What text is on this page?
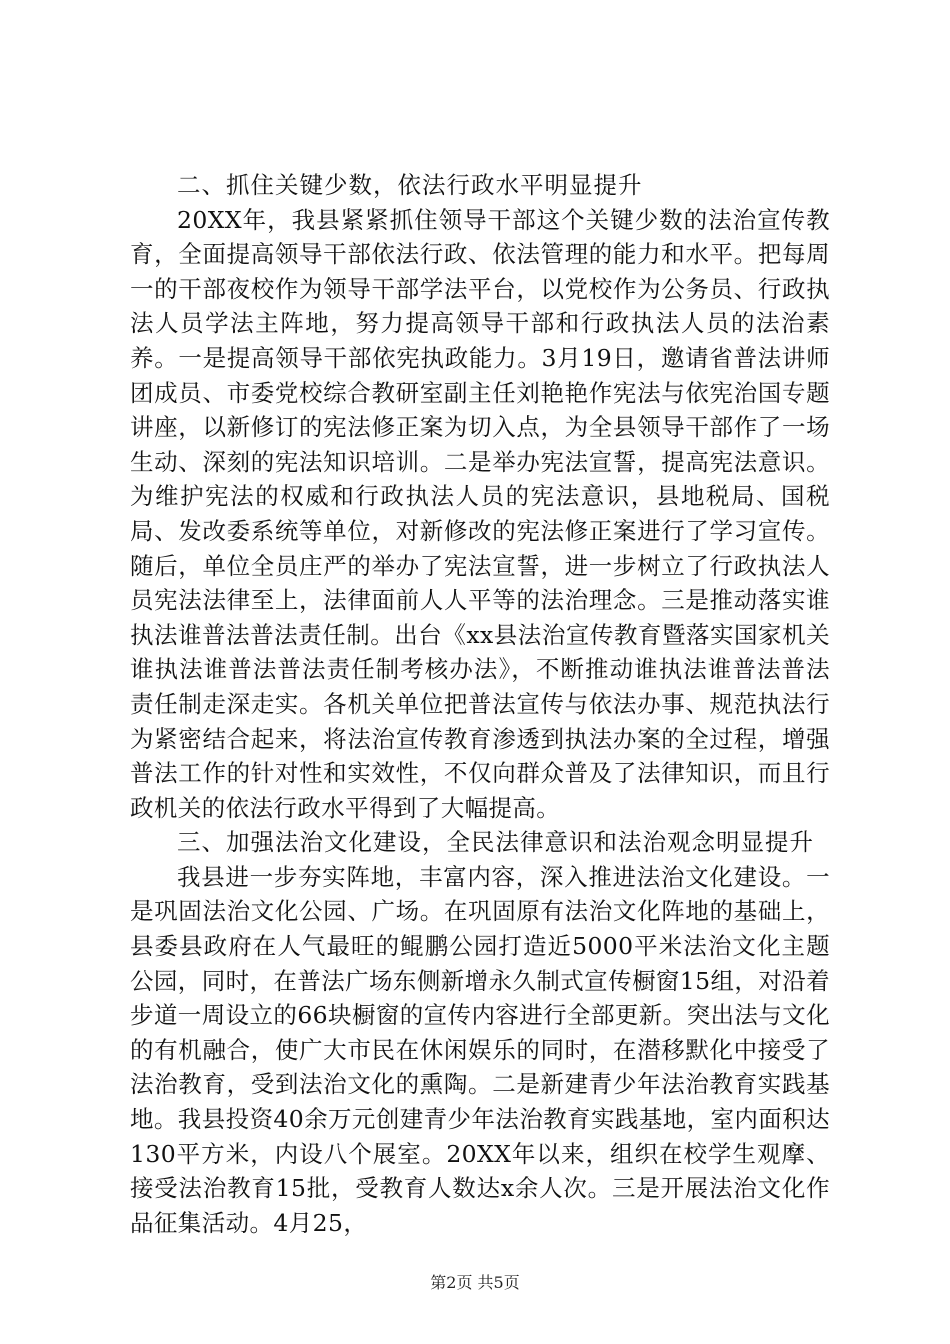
二、抓住关键少数，依法行政水平明显提升

20XX年，我县紧紧抓住领导干部这个关键少数的法治宣传教育，全面提高领导干部依法行政、依法管理的能力和水平。把每周一的干部夜校作为领导干部学法平台，以党校作为公务员、行政执法人员学法主阵地，努力提高领导干部和行政执法人员的法治素养。一是提高领导干部依宪执政能力。3月19日，邀请省普法讲师团成员、市委党校综合教研室副主任刘艳艳作宪法与依宪治国专题讲座，以新修订的宪法修正案为切入点，为全县领导干部作了一场生动、深刻的宪法知识培训。二是举办宪法宣誓，提高宪法意识。为维护宪法的权威和行政执法人员的宪法意识，县地税局、国税局、发改委系统等单位，对新修改的宪法修正案进行了学习宣传。随后，单位全员庄严的举办了宪法宣誓，进一步树立了行政执法人员宪法法律至上，法律面前人人平等的法治理念。三是推动落实谁执法谁普法普法责任制。出台《xx县法治宣传教育暨落实国家机关谁执法谁普法普法责任制考核办法》，不断推动谁执法谁普法普法责任制走深走实。各机关单位把普法宣传与依法办事、规范执法行为紧密结合起来，将法治宣传教育渗透到执法办案的全过程，增强普法工作的针对性和实效性，不仅向群众普及了法律知识，而且行政机关的依法行政水平得到了大幅提高。

三、加强法治文化建设，全民法律意识和法治观念明显提升

我县进一步夯实阵地，丰富内容，深入推进法治文化建设。一是巩固法治文化公园、广场。在巩固原有法治文化阵地的基础上，县委县政府在人气最旺的鲲鹏公园打造近5000平米法治文化主题公园，同时，在普法广场东侧新增永久制式宣传橱窗15组，对沿着步道一周设立的66块橱窗的宣传内容进行全部更新。突出法与文化的有机融合，使广大市民在休闲娱乐的同时，在潜移默化中接受了法治教育，受到法治文化的熏陶。二是新建青少年法治教育实践基地。我县投资40余万元创建青少年法治教育实践基地，室内面积达130平方米，内设八个展室。20XX年以来，组织在校学生观摩、接受法治教育15批，受教育人数达x余人次。三是开展法治文化作品征集活动。4月25，

第2页 共5页
